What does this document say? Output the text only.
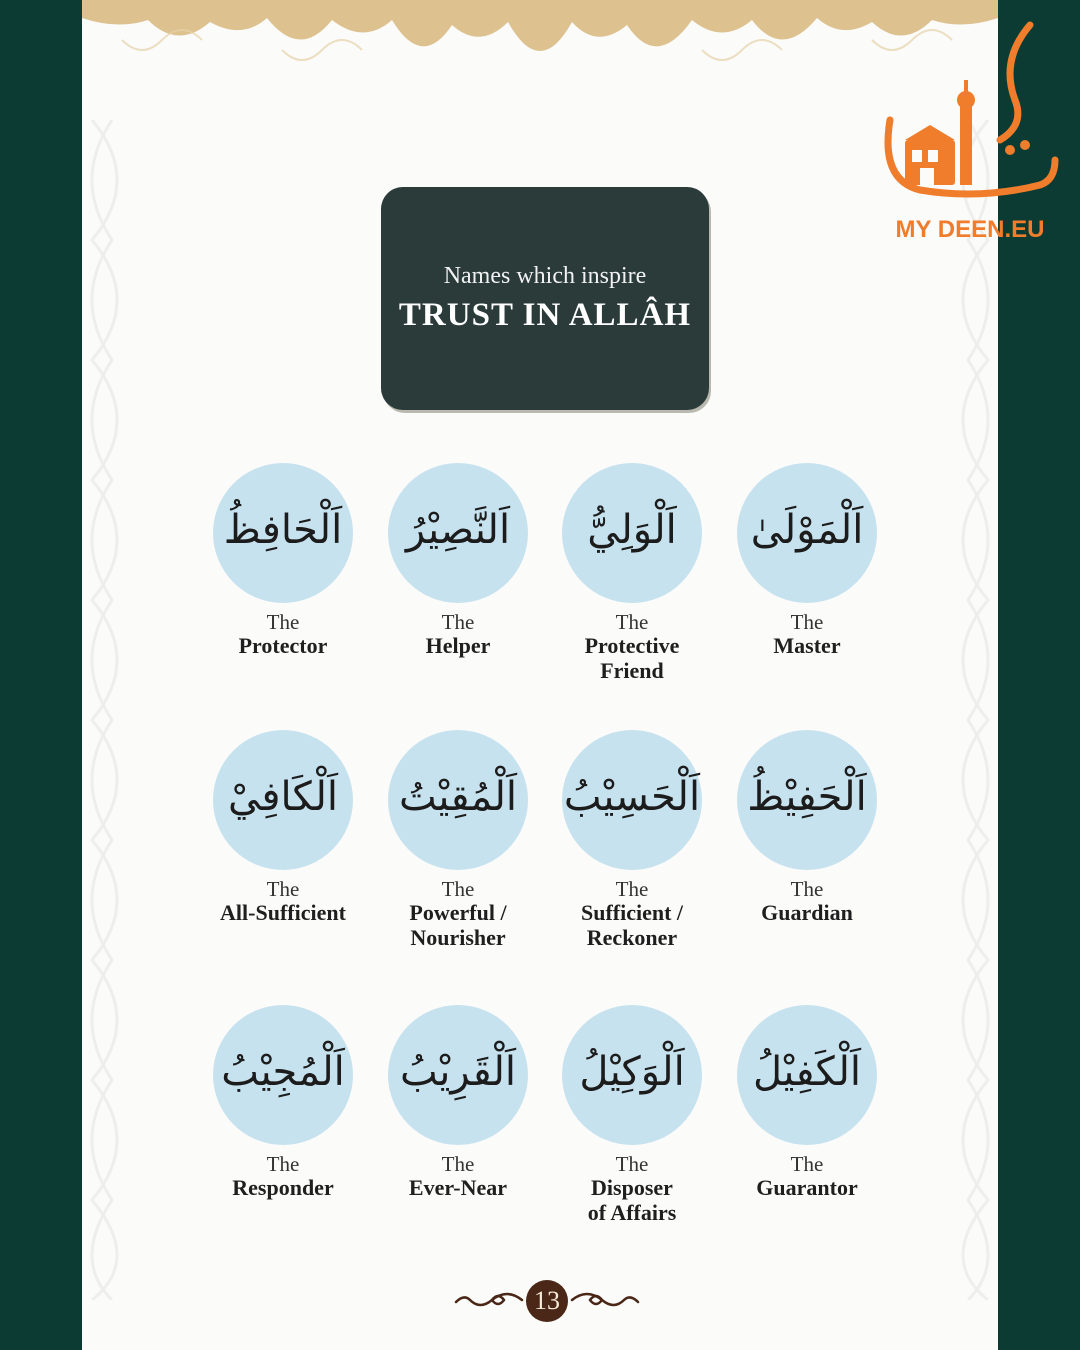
Names which inspire
TRUST IN ALLÂH
اَلْحَافِظُ
The
Protector
اَلنَّصِيْرُ
The
Helper
اَلْوَلِيُّ
The
Protective
Friend
اَلْمَوْلَىٰ
The
Master
اَلْكَافِيْ
The
All-Sufficient
اَلْمُقِيْتُ
The
Powerful /
Nourisher
اَلْحَسِيْبُ
The
Sufficient /
Reckoner
اَلْحَفِيْظُ
The
Guardian
اَلْمُجِيْبُ
The
Responder
اَلْقَرِيْبُ
The
Ever-Near
اَلْوَكِيْلُ
The
Disposer
of Affairs
اَلْكَفِيْلُ
The
Guarantor
13
MY DEEN.EU
